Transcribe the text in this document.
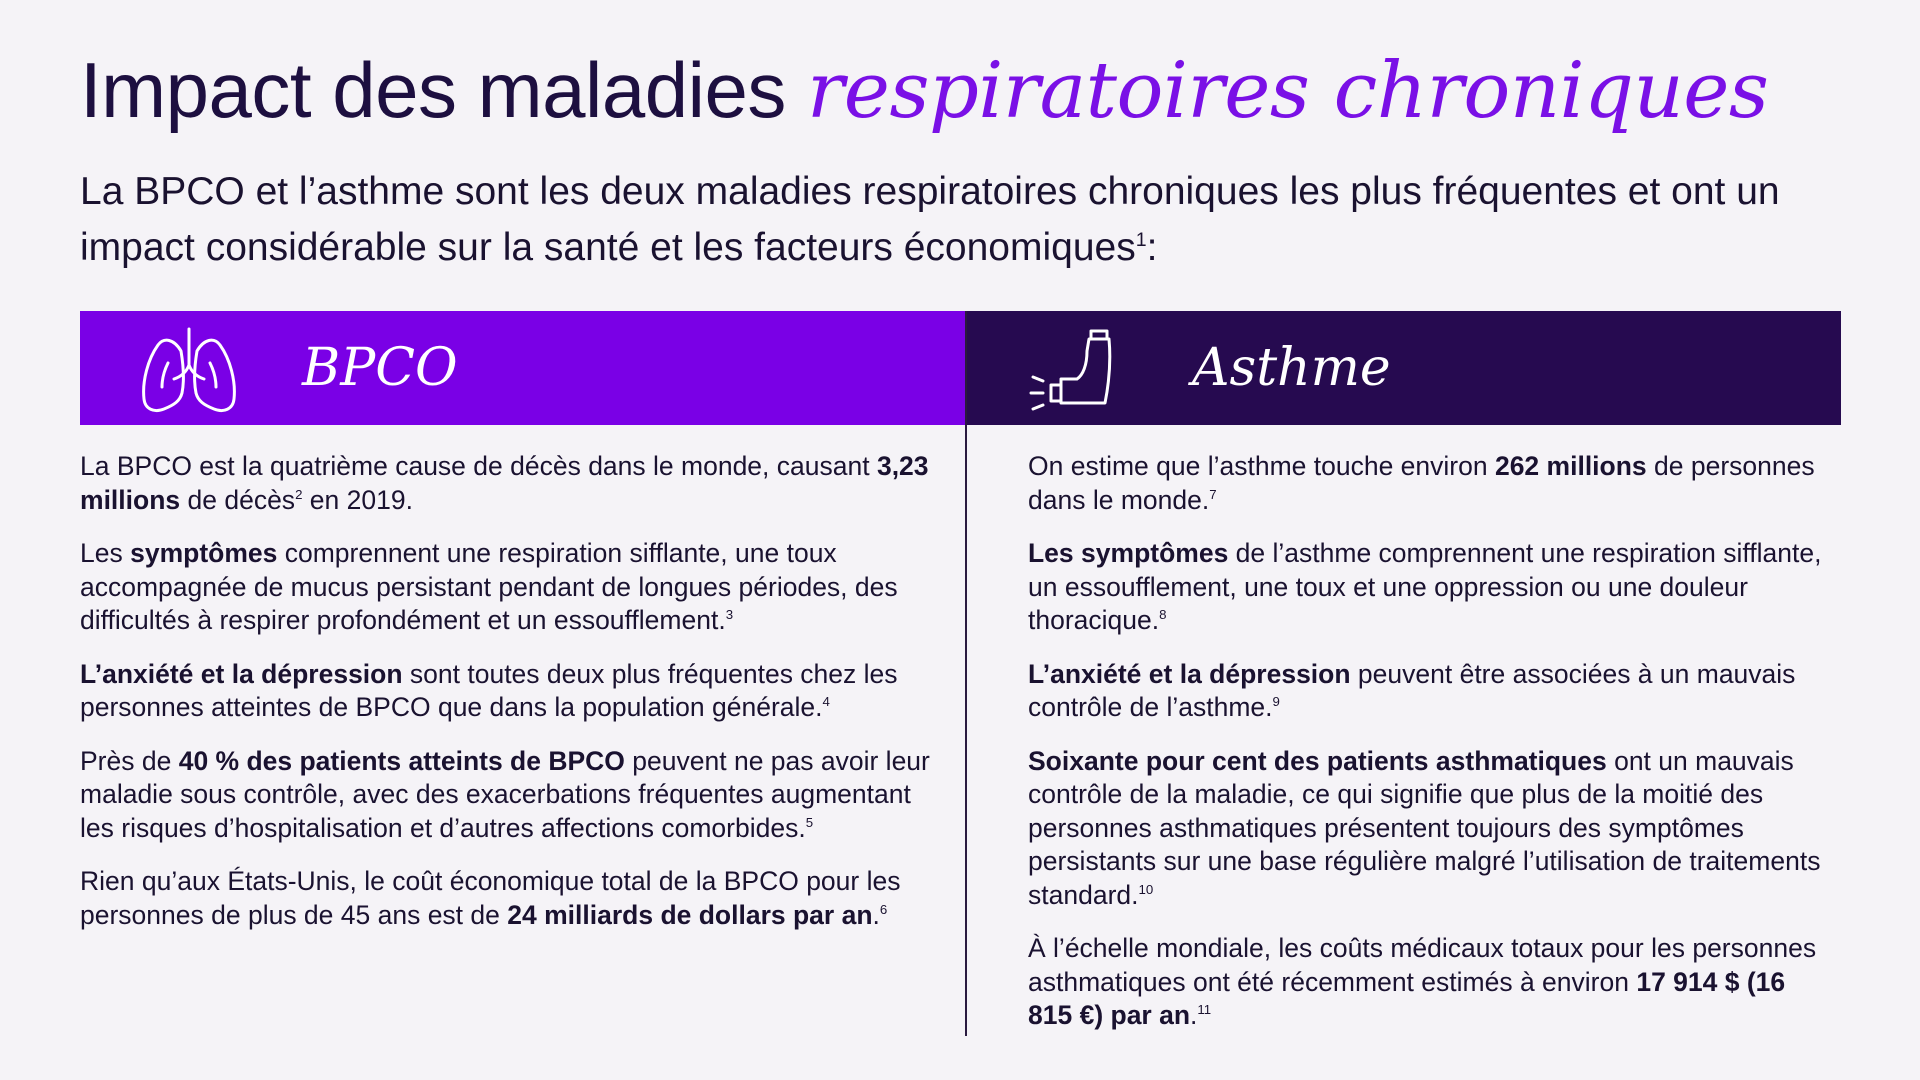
Impact des maladies respiratoires chroniques
La BPCO et l’asthme sont les deux maladies respiratoires chroniques les plus fréquentes et ont un impact considérable sur la santé et les facteurs économiques$^1$:
BPCO	Asthme

La BPCO est la quatrième cause de décès dans le monde, causant 3,23 millions de décès$^2$ en 2019.

Les symptômes comprennent une respiration sifflante, une toux accompagnée de mucus persistant pendant de longues périodes, des difficultés à respirer profondément et un essoufflement.$^3$

L’anxiété et la dépression sont toutes deux plus fréquentes chez les personnes atteintes de BPCO que dans la population générale.$^4$

Près de 40 % des patients atteints de BPCO peuvent ne pas avoir leur maladie sous contrôle, avec des exacerbations fréquentes augmentant les risques d’hospitalisation et d’autres affections comorbides.$^5$

Rien qu’aux États-Unis, le coût économique total de la BPCO pour les personnes de plus de 45 ans est de 24 milliards de dollars par an.$^6$

On estime que l’asthme touche environ 262 millions de personnes dans le monde.$^7$

Les symptômes de l’asthme comprennent une respiration sifflante, un essoufflement, une toux et une oppression ou une douleur thoracique.$^8$

L’anxiété et la dépression peuvent être associées à un mauvais contrôle de l’asthme.$^9$

Soixante pour cent des patients asthmatiques ont un mauvais contrôle de la maladie, ce qui signifie que plus de la moitié des personnes asthmatiques présentent toujours des symptômes persistants sur une base régulière malgré l’utilisation de traitements standard.$^{10}$

À l’échelle mondiale, les coûts médicaux totaux pour les personnes asthmatiques ont été récemment estimés à environ 17 914 $ (16 815 €) par an.$^{11}$
